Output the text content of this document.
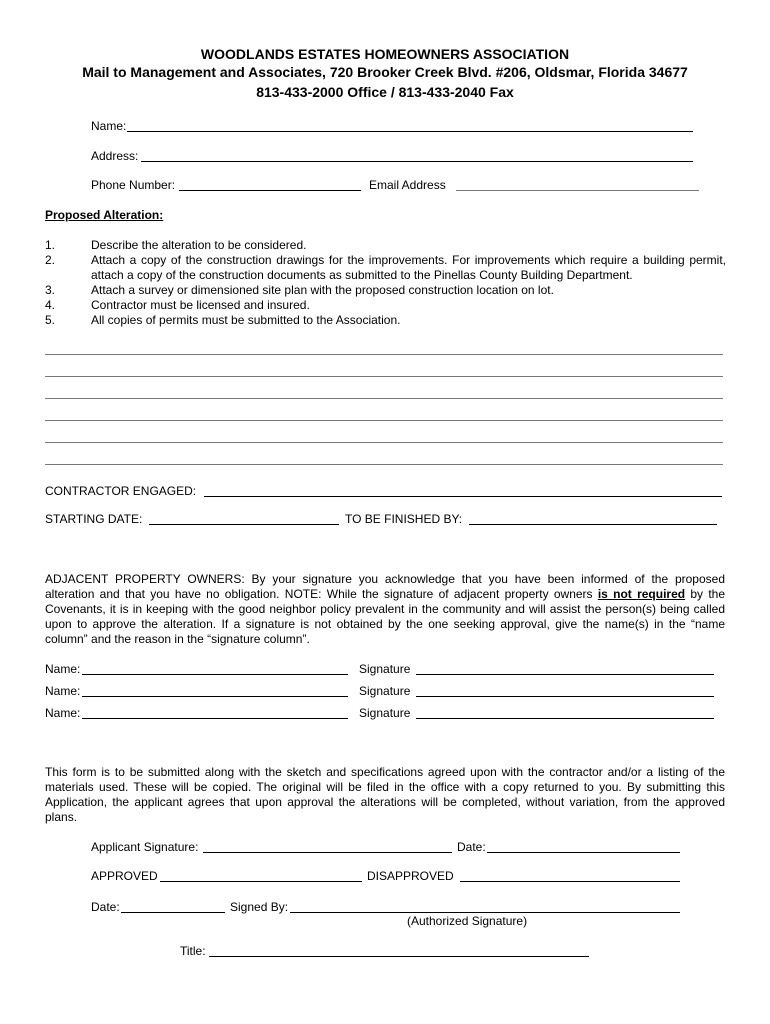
WOODLANDS ESTATES HOMEOWNERS ASSOCIATION
Mail to Management and Associates, 720 Brooker Creek Blvd. #206, Oldsmar, Florida 34677
813-433-2000 Office / 813-433-2040 Fax
Name:
Address:
Phone Number:	Email Address
Proposed Alteration:
1.	Describe the alteration to be considered.
2.	Attach a copy of the construction drawings for the improvements. For improvements which require a building permit, attach a copy of the construction documents as submitted to the Pinellas County Building Department.
3.	Attach a survey or dimensioned site plan with the proposed construction location on lot.
4.	Contractor must be licensed and insured.
5.	All copies of permits must be submitted to the Association.
CONTRACTOR ENGAGED:
STARTING DATE:	TO BE FINISHED BY:
ADJACENT PROPERTY OWNERS: By your signature you acknowledge that you have been informed of the proposed alteration and that you have no obligation. NOTE: While the signature of adjacent property owners is not required by the Covenants, it is in keeping with the good neighbor policy prevalent in the community and will assist the person(s) being called upon to approve the alteration. If a signature is not obtained by the one seeking approval, give the name(s) in the “name column” and the reason in the “signature column”.
Name:	Signature
Name:	Signature
Name:	Signature
This form is to be submitted along with the sketch and specifications agreed upon with the contractor and/or a listing of the materials used. These will be copied. The original will be filed in the office with a copy returned to you. By submitting this Application, the applicant agrees that upon approval the alterations will be completed, without variation, from the approved plans.
Applicant Signature:	Date:
APPROVED	DISAPPROVED
Date:	Signed By:
(Authorized Signature)
Title:
